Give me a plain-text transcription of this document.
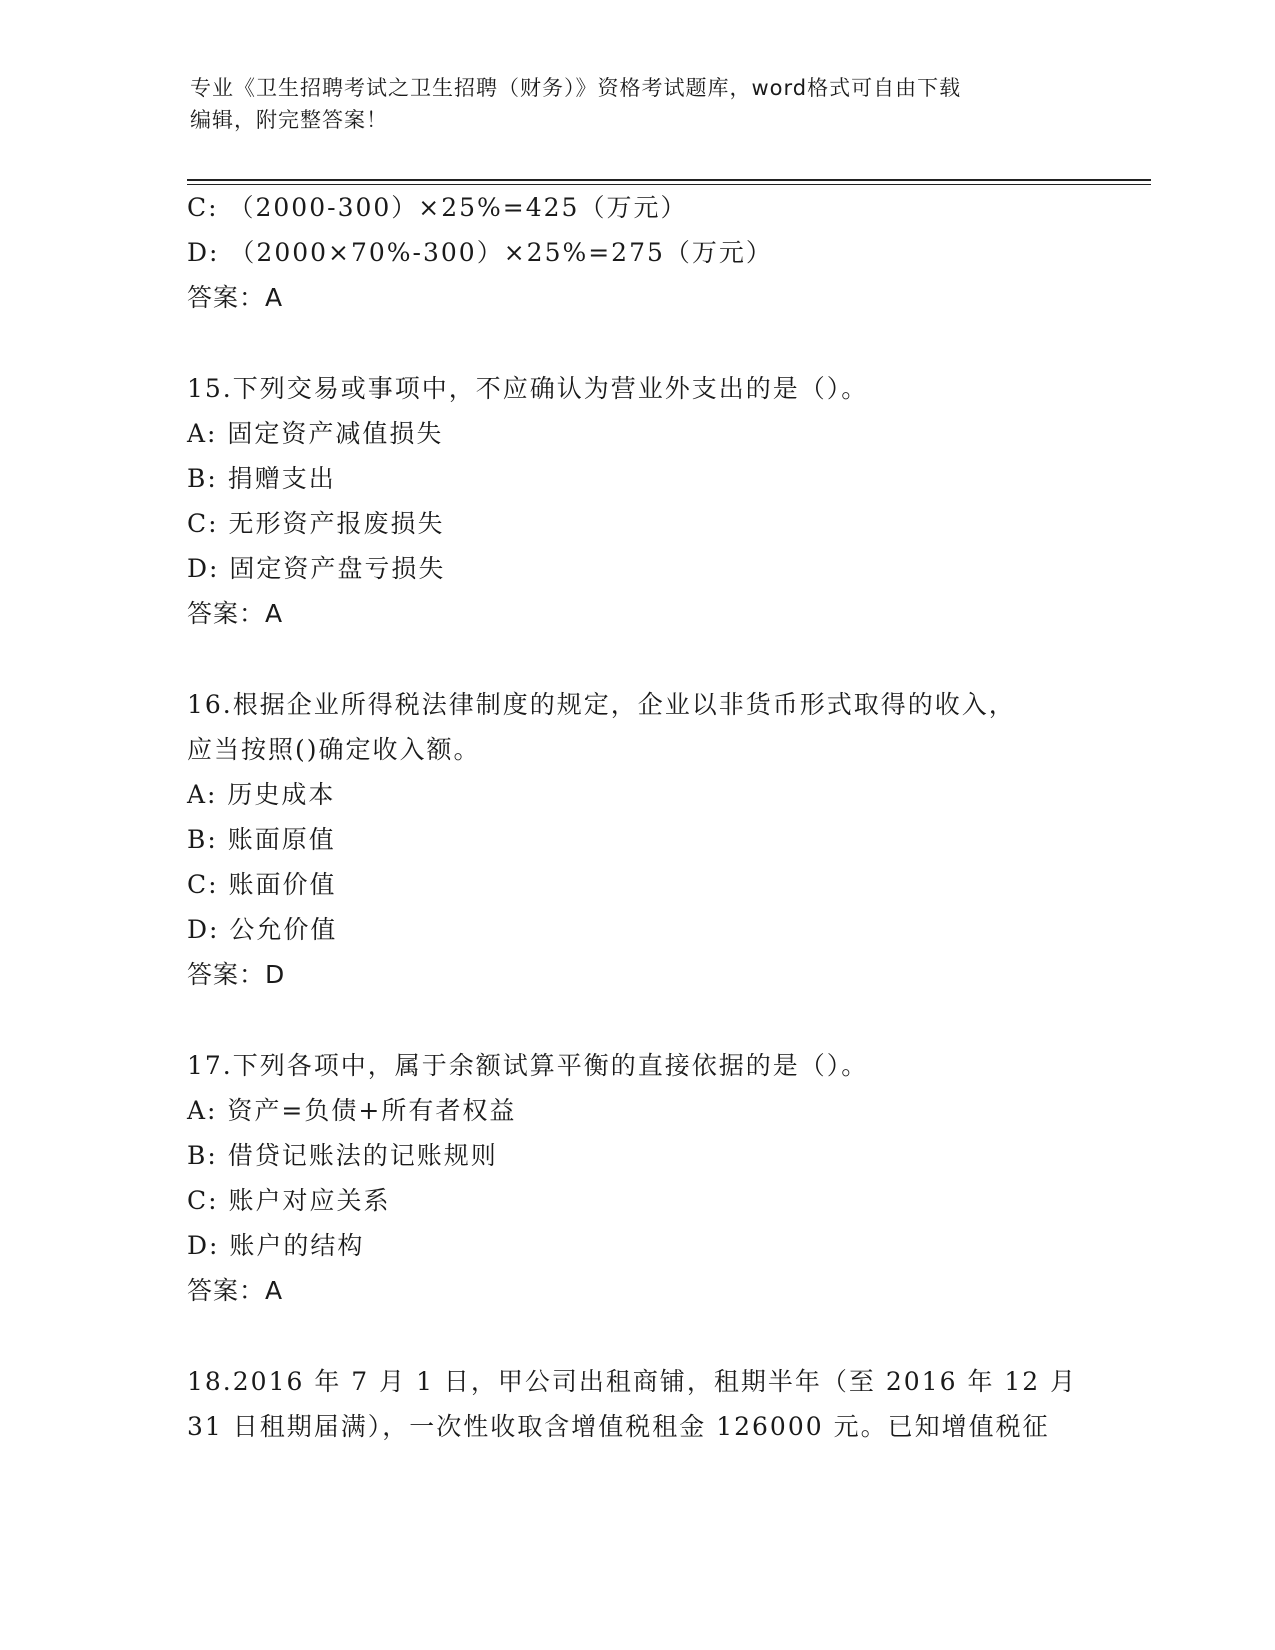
专业《卫生招聘考试之卫生招聘（财务）》资格考试题库，word格式可自由下载
编辑，附完整答案！
C: （2000-300）×25%=425（万元）
D: （2000×70%-300）×25%=275（万元）
答案：A
15.下列交易或事项中，不应确认为营业外支出的是（）。
A: 固定资产减值损失
B: 捐赠支出
C: 无形资产报废损失
D: 固定资产盘亏损失
答案：A
16.根据企业所得税法律制度的规定，企业以非货币形式取得的收入，
应当按照()确定收入额。
A: 历史成本
B: 账面原值
C: 账面价值
D: 公允价值
答案：D
17.下列各项中，属于余额试算平衡的直接依据的是（）。
A: 资产=负债+所有者权益
B: 借贷记账法的记账规则
C: 账户对应关系
D: 账户的结构
答案：A
18.2016 年 7 月 1 日，甲公司出租商铺，租期半年（至 2016 年 12 月
31 日租期届满），一次性收取含增值税租金 126000 元。已知增值税征
